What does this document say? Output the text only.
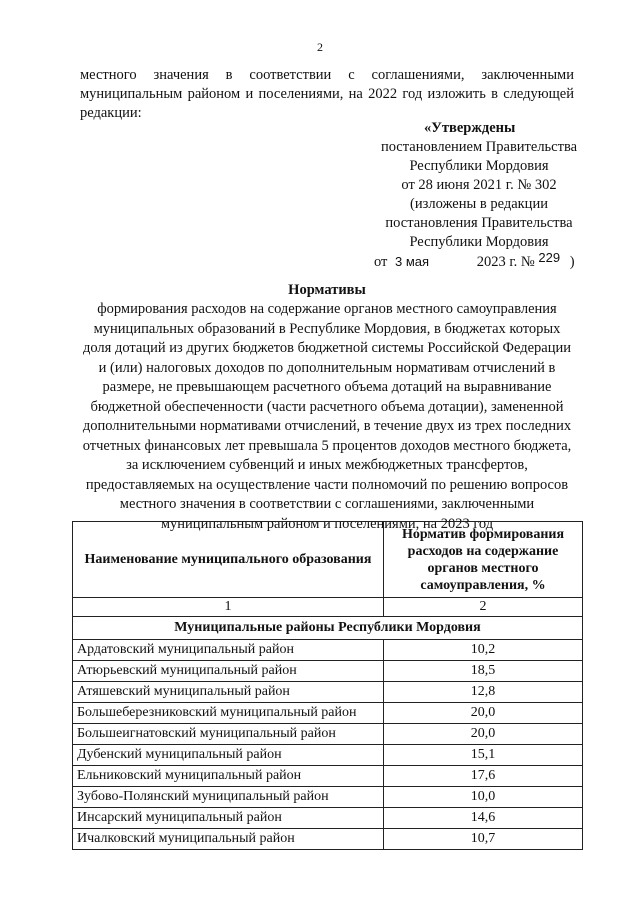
2
местного значения в соответствии с соглашениями, заключенными муниципальным районом и поселениями, на 2022 год изложить в следующей редакции:
«Утверждены
постановлением Правительства
Республики Мордовия
от 28 июня 2021 г. № 302
(изложены в редакции
постановления Правительства
Республики Мордовия
от 3 мая	2023 г. № 229 )
Нормативы
формирования расходов на содержание органов местного самоуправления муниципальных образований в Республике Мордовия, в бюджетах которых доля дотаций из других бюджетов бюджетной системы Российской Федерации и (или) налоговых доходов по дополнительным нормативам отчислений в размере, не превышающем расчетного объема дотаций на выравнивание бюджетной обеспеченности (части расчетного объема дотации), замененной дополнительными нормативами отчислений, в течение двух из трех последних отчетных финансовых лет превышала 5 процентов доходов местного бюджета, за исключением субвенций и иных межбюджетных трансфертов, предоставляемых на осуществление части полномочий по решению вопросов местного значения в соответствии с соглашениями, заключенными муниципальным районом и поселениями, на 2023 год
Наименование муниципального образования	Норматив формирования расходов на содержание органов местного самоуправления, %
1	2
Муниципальные районы Республики Мордовия	
Ардатовский муниципальный район	10,2
Атюрьевский муниципальный район	18,5
Атяшевский муниципальный район	12,8
Большеберезниковский муниципальный район	20,0
Большеигнатовский муниципальный район	20,0
Дубенский муниципальный район	15,1
Ельниковский муниципальный район	17,6
Зубово-Полянский муниципальный район	10,0
Инсарский муниципальный район	14,6
Ичалковский муниципальный район	10,7
